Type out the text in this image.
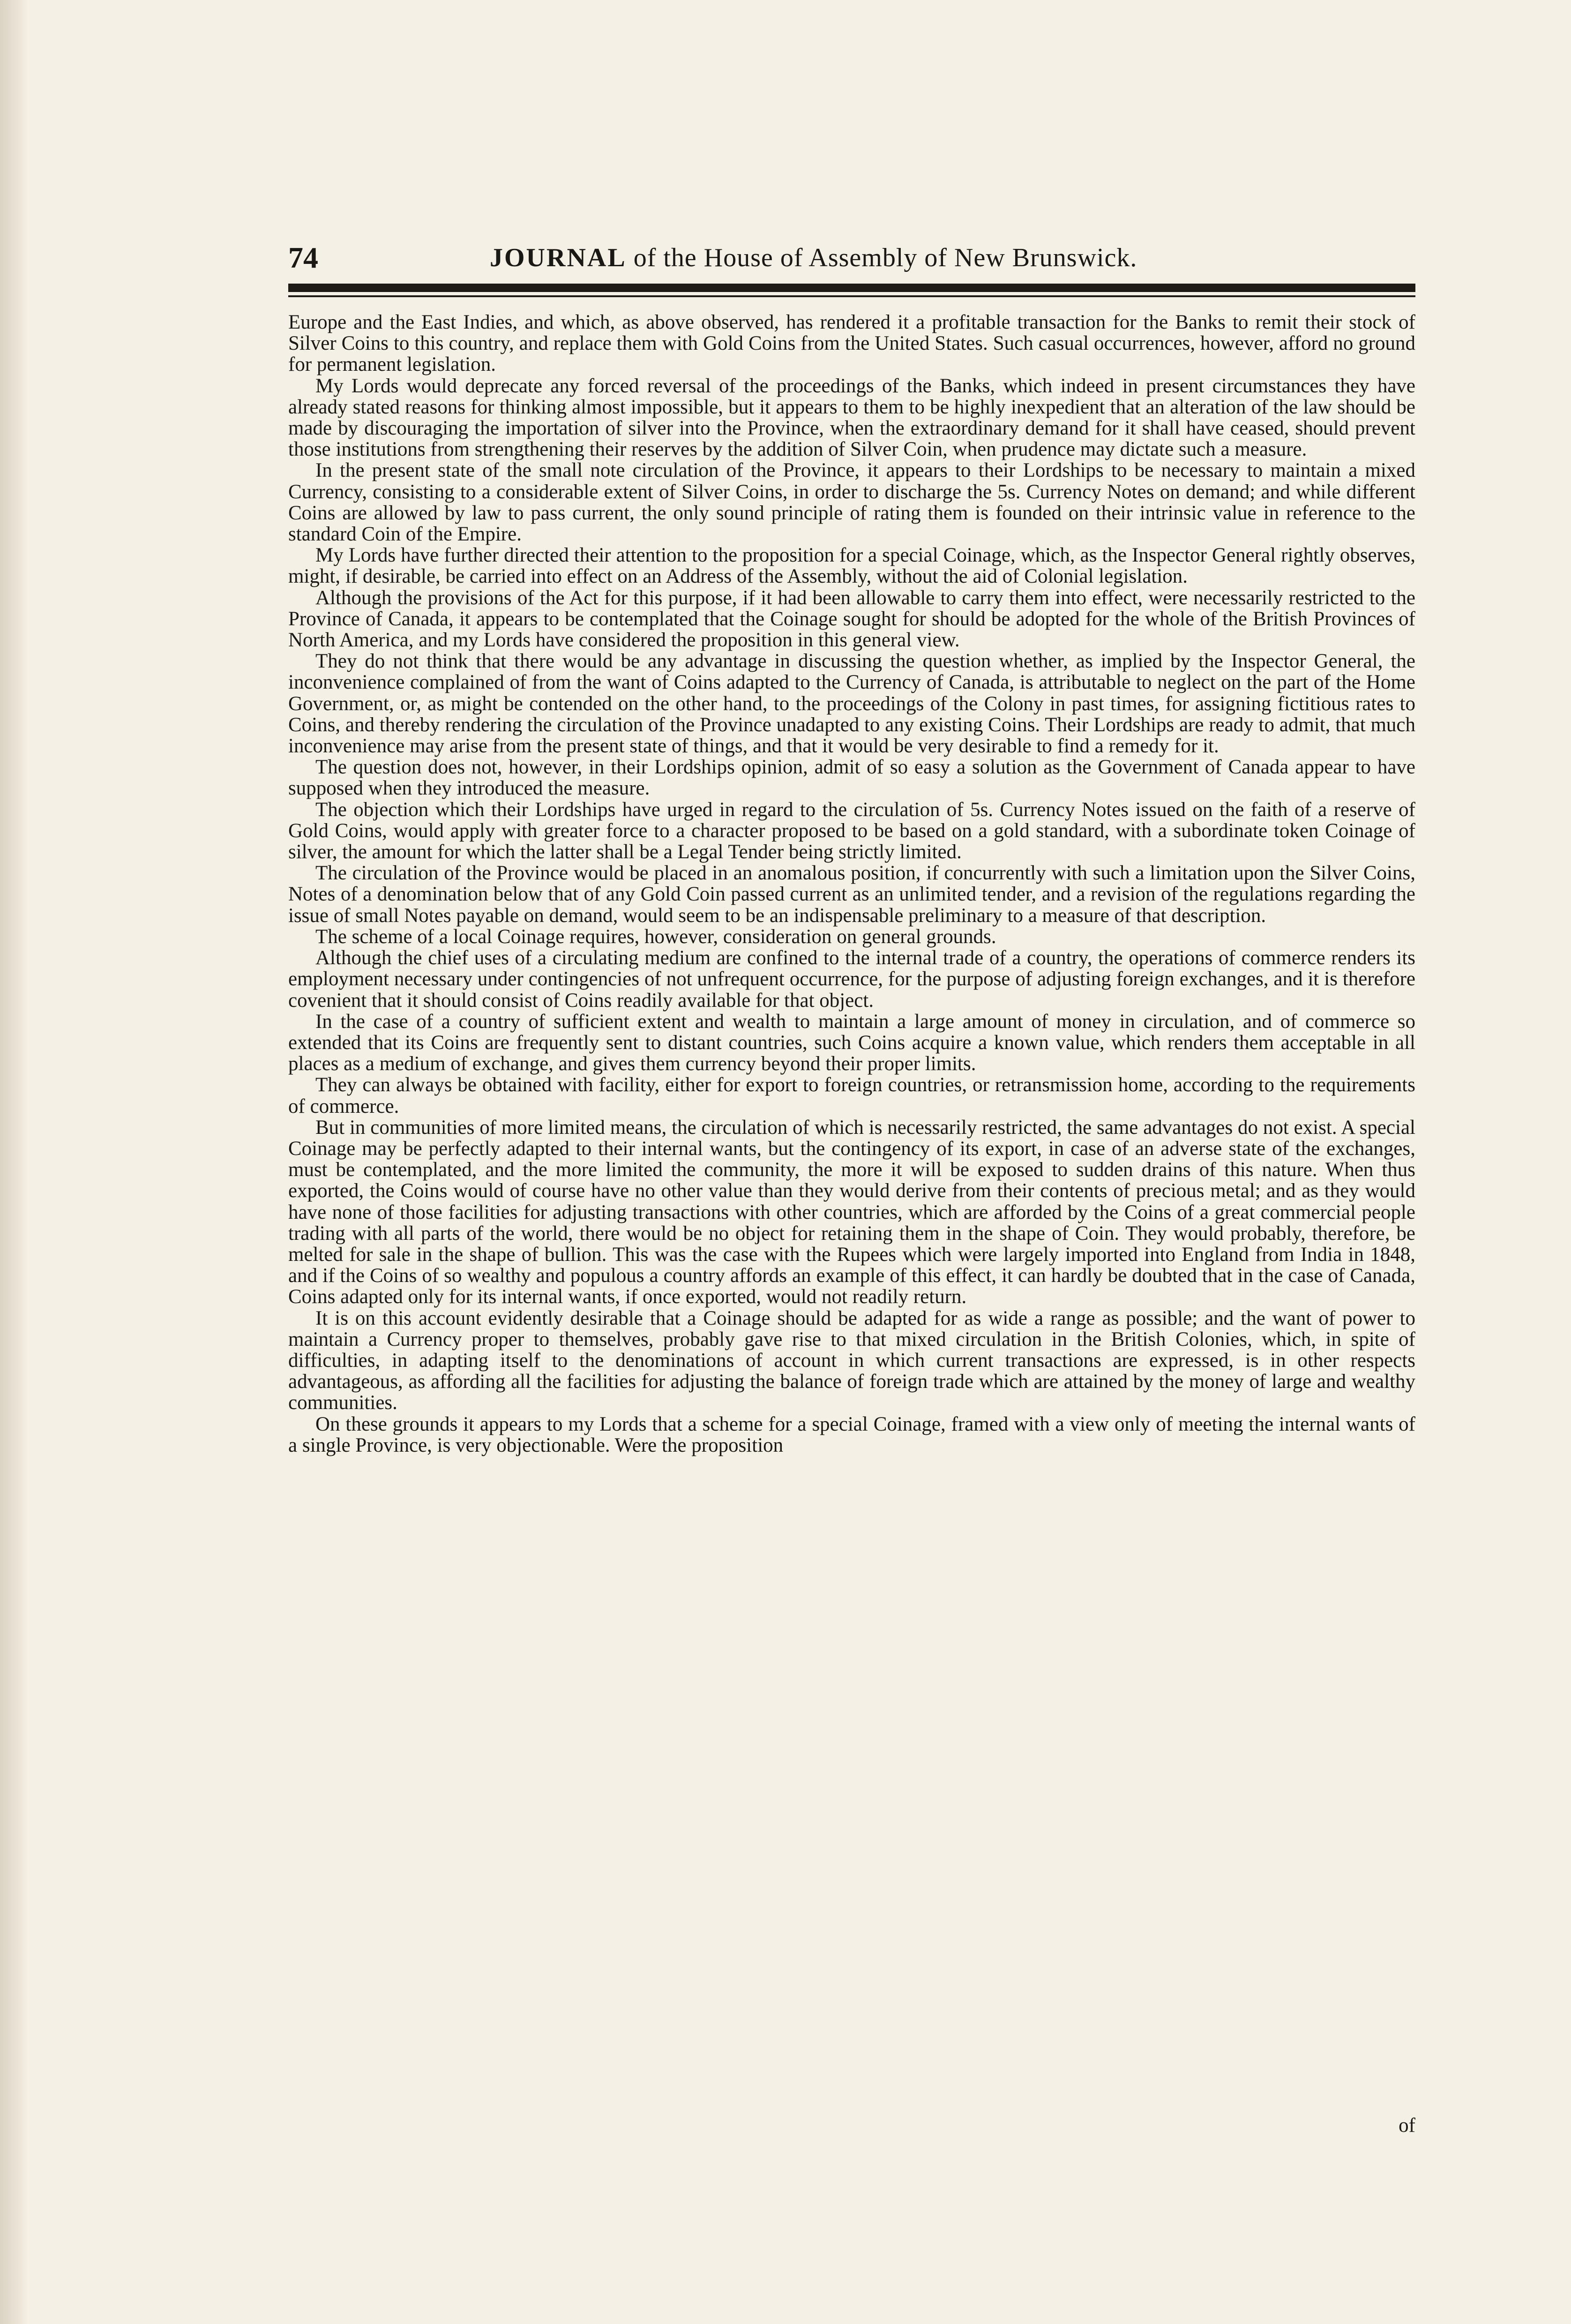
74	JOURNAL of the House of Assembly of New Brunswick.

Europe and the East Indies, and which, as above observed, has rendered it a profitable transaction for the Banks to remit their stock of Silver Coins to this country, and replace them with Gold Coins from the United States. Such casual occurrences, however, afford no ground for permanent legislation.

My Lords would deprecate any forced reversal of the proceedings of the Banks, which indeed in present circumstances they have already stated reasons for thinking almost impossible, but it appears to them to be highly inexpedient that an alteration of the law should be made by discouraging the importation of silver into the Province, when the extraordinary demand for it shall have ceased, should prevent those institutions from strengthening their reserves by the addition of Silver Coin, when prudence may dictate such a measure.

In the present state of the small note circulation of the Province, it appears to their Lordships to be necessary to maintain a mixed Currency, consisting to a considerable extent of Silver Coins, in order to discharge the 5s. Currency Notes on demand; and while different Coins are allowed by law to pass current, the only sound principle of rating them is founded on their intrinsic value in reference to the standard Coin of the Empire.

My Lords have further directed their attention to the proposition for a special Coinage, which, as the Inspector General rightly observes, might, if desirable, be carried into effect on an Address of the Assembly, without the aid of Colonial legislation.

Although the provisions of the Act for this purpose, if it had been allowable to carry them into effect, were necessarily restricted to the Province of Canada, it appears to be contemplated that the Coinage sought for should be adopted for the whole of the British Provinces of North America, and my Lords have considered the proposition in this general view.

They do not think that there would be any advantage in discussing the question whether, as implied by the Inspector General, the inconvenience complained of from the want of Coins adapted to the Currency of Canada, is attributable to neglect on the part of the Home Government, or, as might be contended on the other hand, to the proceedings of the Colony in past times, for assigning fictitious rates to Coins, and thereby rendering the circulation of the Province unadapted to any existing Coins. Their Lordships are ready to admit, that much inconvenience may arise from the present state of things, and that it would be very desirable to find a remedy for it.

The question does not, however, in their Lordships opinion, admit of so easy a solution as the Government of Canada appear to have supposed when they introduced the measure.

The objection which their Lordships have urged in regard to the circulation of 5s. Currency Notes issued on the faith of a reserve of Gold Coins, would apply with greater force to a character proposed to be based on a gold standard, with a subordinate token Coinage of silver, the amount for which the latter shall be a Legal Tender being strictly limited.

The circulation of the Province would be placed in an anomalous position, if concurrently with such a limitation upon the Silver Coins, Notes of a denomination below that of any Gold Coin passed current as an unlimited tender, and a revision of the regulations regarding the issue of small Notes payable on demand, would seem to be an indispensable preliminary to a measure of that description.

The scheme of a local Coinage requires, however, consideration on general grounds.

Although the chief uses of a circulating medium are confined to the internal trade of a country, the operations of commerce renders its employment necessary under contingencies of not unfrequent occurrence, for the purpose of adjusting foreign exchanges, and it is therefore covenient that it should consist of Coins readily available for that object.

In the case of a country of sufficient extent and wealth to maintain a large amount of money in circulation, and of commerce so extended that its Coins are frequently sent to distant countries, such Coins acquire a known value, which renders them acceptable in all places as a medium of exchange, and gives them currency beyond their proper limits.

They can always be obtained with facility, either for export to foreign countries, or retransmission home, according to the requirements of commerce.

But in communities of more limited means, the circulation of which is necessarily restricted, the same advantages do not exist. A special Coinage may be perfectly adapted to their internal wants, but the contingency of its export, in case of an adverse state of the exchanges, must be contemplated, and the more limited the community, the more it will be exposed to sudden drains of this nature. When thus exported, the Coins would of course have no other value than they would derive from their contents of precious metal; and as they would have none of those facilities for adjusting transactions with other countries, which are afforded by the Coins of a great commercial people trading with all parts of the world, there would be no object for retaining them in the shape of Coin. They would probably, therefore, be melted for sale in the shape of bullion. This was the case with the Rupees which were largely imported into England from India in 1848, and if the Coins of so wealthy and populous a country affords an example of this effect, it can hardly be doubted that in the case of Canada, Coins adapted only for its internal wants, if once exported, would not readily return.

It is on this account evidently desirable that a Coinage should be adapted for as wide a range as possible; and the want of power to maintain a Currency proper to themselves, probably gave rise to that mixed circulation in the British Colonies, which, in spite of difficulties, in adapting itself to the denominations of account in which current transactions are expressed, is in other respects advantageous, as affording all the facilities for adjusting the balance of foreign trade which are attained by the money of large and wealthy communities.

On these grounds it appears to my Lords that a scheme for a special Coinage, framed with a view only of meeting the internal wants of a single Province, is very objectionable. Were the proposition

of
